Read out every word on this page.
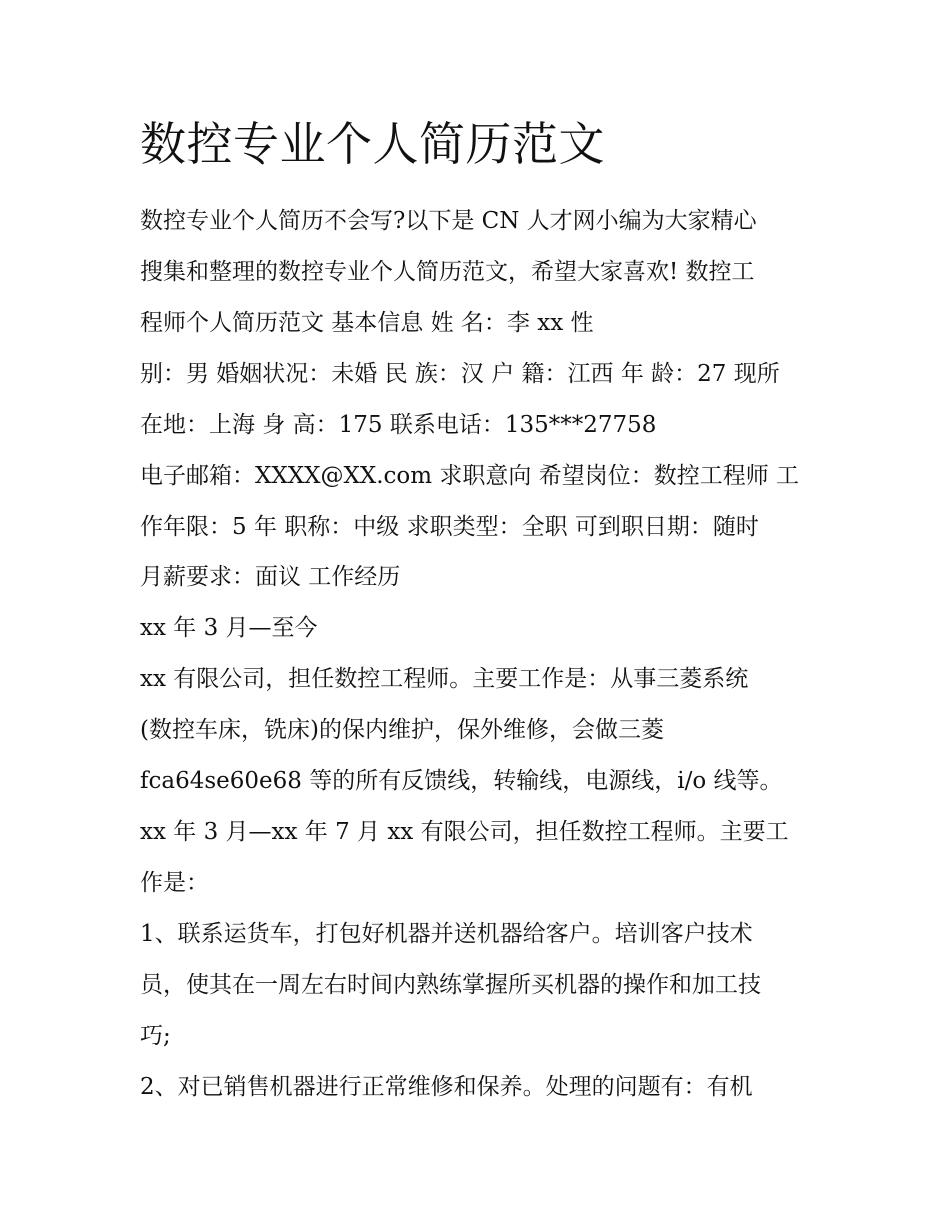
数控专业个人简历范文

数控专业个人简历不会写?以下是 CN 人才网小编为大家精心

搜集和整理的数控专业个人简历范文，希望大家喜欢! 数控工

程师个人简历范文 基本信息 姓 名：李 xx 性

别：男 婚姻状况：未婚 民 族：汉 户 籍：江西 年 龄：27 现所

在地：上海 身 高：175 联系电话：135***27758

电子邮箱：XXXX@XX.com 求职意向 希望岗位：数控工程师 工

作年限：5 年 职称：中级 求职类型：全职 可到职日期：随时

月薪要求：面议 工作经历

xx 年 3 月—至今

xx 有限公司，担任数控工程师。主要工作是：从事三菱系统

(数控车床，铣床)的保内维护，保外维修，会做三菱

fca64se60e68 等的所有反馈线，转输线，电源线，i/o 线等。

xx 年 3 月—xx 年 7 月 xx 有限公司，担任数控工程师。主要工

作是：

1、联系运货车，打包好机器并送机器给客户。培训客户技术

员，使其在一周左右时间内熟练掌握所买机器的操作和加工技

巧;

2、对已销售机器进行正常维修和保养。处理的问题有：有机
